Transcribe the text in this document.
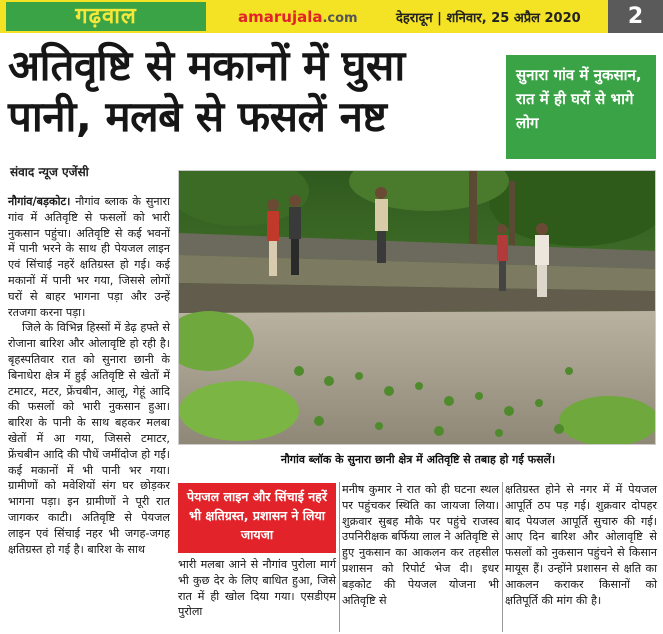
गढ़वाल	amarujala.com	देहरादून | शनिवार, 25 अप्रैल 2020	2
अतिवृष्टि से मकानों में घुसा
पानी, मलबे से फसलें नष्ट
सुनारा गांव में नुकसान, रात में ही घरों से भागे लोग
संवाद न्यूज एजेंसी

नौगांव/बड़कोट। नौगांव ब्लाक के सुनारा गांव में अतिवृष्टि से फसलों को भारी नुकसान पहुंचा। अतिवृष्टि से कई भवनों में पानी भरने के साथ ही पेयजल लाइन एवं सिंचाई नहरें क्षतिग्रस्त हो गई। कई मकानों में पानी भर गया, जिससे लोगों घरों से बाहर भागना पड़ा और उन्हें रतजगा करना पड़ा।

जिले के विभिन्न हिस्सों में डेढ़ हफ्ते से रोजाना बारिश और ओलावृष्टि हो रही है। बृहस्पतिवार रात को सुनारा छानी के बिनाधेरा क्षेत्र में हुई अतिवृष्टि से खेतों में टमाटर, मटर, फ्रेंचबीन, आलू, गेहूं आदि की फसलों को भारी नुकसान हुआ। बारिश के पानी के साथ बहकर मलबा खेतों में आ गया, जिससे टमाटर, फ्रेंचबीन आदि की पौधें जमींदोज हो गईं। कई मकानों में भी पानी भर गया। ग्रामीणों को मवेशियों संग घर छोड़कर भागना पड़ा। इन ग्रामीणों ने पूरी रात जागकर काटी। अतिवृष्टि से पेयजल लाइन एवं सिंचाई नहर भी जगह-जगह क्षतिग्रस्त हो गई है। बारिश के साथ

नौगांव ब्लॉक के सुनारा छानी क्षेत्र में अतिवृष्टि से तबाह हो गई फसलें।
पेयजल लाइन और सिंचाई नहरें भी क्षतिग्रस्त, प्रशासन ने लिया जायजा
भारी मलबा आने से नौगांव पुरोला मार्ग भी कुछ देर के लिए बाधित हुआ, जिसे रात में ही खोल दिया गया। एसडीएम पुरोला
मनीष कुमार ने रात को ही घटना स्थल पर पहुंचकर स्थिति का जायजा लिया। शुक्रवार सुबह मौके पर पहुंचे राजस्व उपनिरीक्षक बर्फिया लाल ने अतिवृष्टि से हुए नुकसान का आकलन कर तहसील प्रशासन को रिपोर्ट भेज दी। इधर बड़कोट की पेयजल योजना भी अतिवृष्टि से
क्षतिग्रस्त होने से नगर में में पेयजल आपूर्ति ठप पड़ गई। शुक्रवार दोपहर बाद पेयजल आपूर्ति सुचारु की गई। आए दिन बारिश और ओलावृष्टि से फसलों को नुकसान पहुंचने से किसान मायूस हैं। उन्होंने प्रशासन से क्षति का आकलन कराकर किसानों को क्षतिपूर्ति की मांग की है।
